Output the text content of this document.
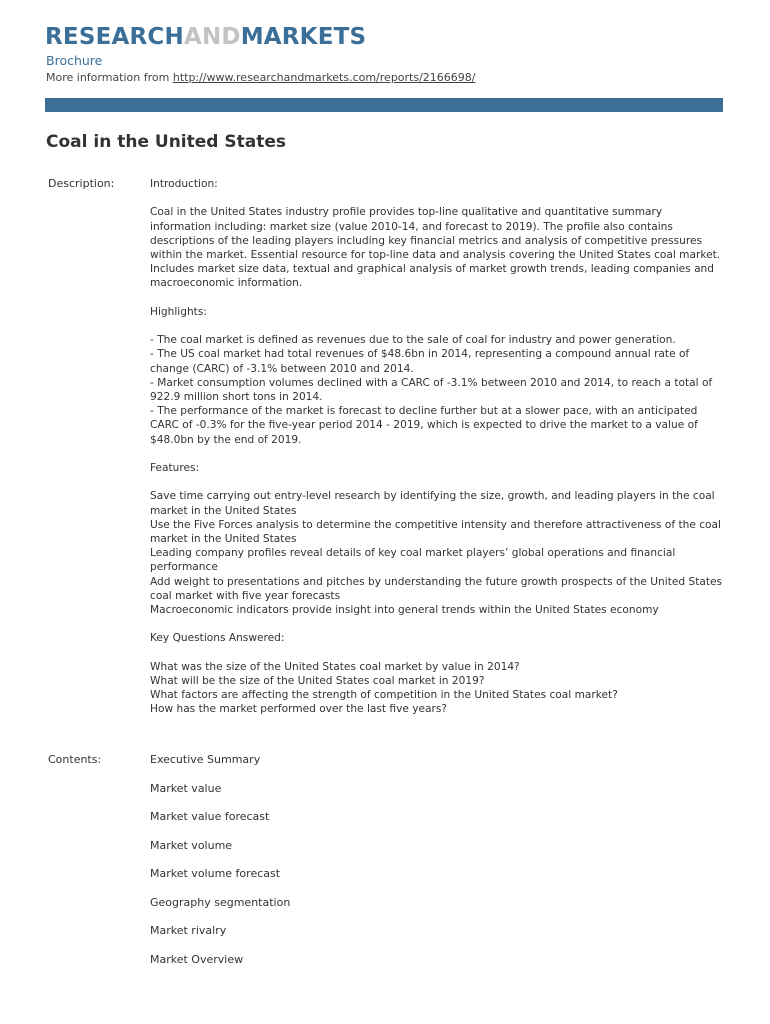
RESEARCHANDMARKETS
Brochure
More information from http://www.researchandmarkets.com/reports/2166698/
Coal in the United States
Description:	Introduction:

Coal in the United States industry profile provides top-line qualitative and quantitative summary information including: market size (value 2010-14, and forecast to 2019). The profile also contains descriptions of the leading players including key financial metrics and analysis of competitive pressures within the market. Essential resource for top-line data and analysis covering the United States coal market. Includes market size data, textual and graphical analysis of market growth trends, leading companies and macroeconomic information.

Highlights:

- The coal market is defined as revenues due to the sale of coal for industry and power generation.
- The US coal market had total revenues of $48.6bn in 2014, representing a compound annual rate of change (CARC) of -3.1% between 2010 and 2014.
- Market consumption volumes declined with a CARC of -3.1% between 2010 and 2014, to reach a total of 922.9 million short tons in 2014.
- The performance of the market is forecast to decline further but at a slower pace, with an anticipated CARC of -0.3% for the five-year period 2014 - 2019, which is expected to drive the market to a value of $48.0bn by the end of 2019.

Features:

Save time carrying out entry-level research by identifying the size, growth, and leading players in the coal market in the United States
Use the Five Forces analysis to determine the competitive intensity and therefore attractiveness of the coal market in the United States
Leading company profiles reveal details of key coal market players’ global operations and financial performance
Add weight to presentations and pitches by understanding the future growth prospects of the United States coal market with five year forecasts
Macroeconomic indicators provide insight into general trends within the United States economy

Key Questions Answered:

What was the size of the United States coal market by value in 2014?
What will be the size of the United States coal market in 2019?
What factors are affecting the strength of competition in the United States coal market?
How has the market performed over the last five years?

Contents:	Executive Summary
Market value
Market value forecast
Market volume
Market volume forecast
Geography segmentation
Market rivalry
Market Overview
